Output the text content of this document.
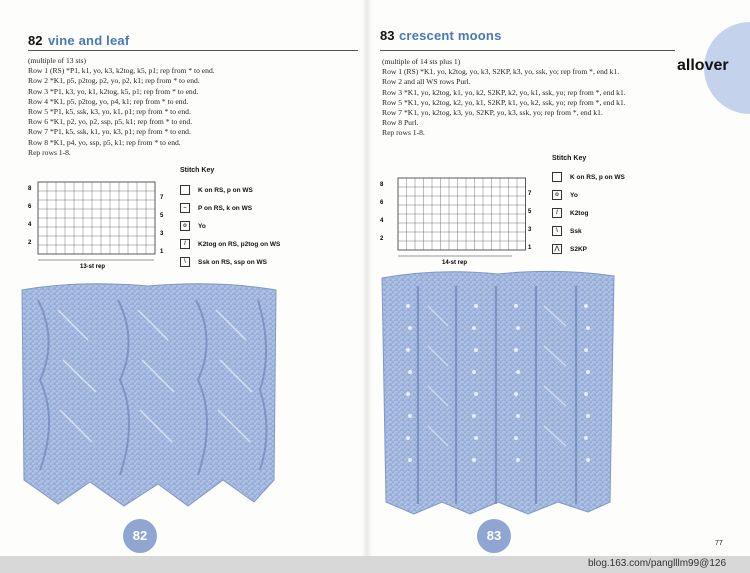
82 vine and leaf
(multiple of 13 sts)
Row 1 (RS) *P1, k1, yo, k3, k2tog, k5, p1; rep from * to end.
Row 2 *K1, p5, p2tog, p2, yo, p2, k1; rep from * to end.
Row 3 *P1, k3, yo, k1, k2tog, k5, p1; rep from * to end.
Row 4 *K1, p5, p2tog, yo, p4, k1; rep from * to end.
Row 5 *P1, k5, ssk, k3, yo, k1, p1; rep from * to end.
Row 6 *K1, p2, yo, p2, ssp, p5, k1; rep from * to end.
Row 7 *P1, k5, ssk, k1, yo, k3, p1; rep from * to end.
Row 8 *K1, p4, yo, ssp, p5, k1; rep from * to end.
Rep rows 1-8.
8
6
4
2
7
5
3
1
13-st rep
Stitch Key
K on RS, p on WS
–	P on RS, k on WS
o	Yo
/	K2tog on RS, p2tog on WS
\	Ssk on RS, ssp on WS
82
allover
83 crescent moons
(multiple of 14 sts plus 1)
Row 1 (RS) *K1, yo, k2tog, yo, k3, S2KP, k3, yo, ssk, yo; rep from *, end k1.
Row 2 and all WS rows Purl.
Row 3 *K1, yo, k2tog, k1, yo, k2, S2KP, k2, yo, k1, ssk, yo; rep from *, end k1.
Row 5 *K1, yo, k2tog, k2, yo, k1, S2KP, k1, yo, k2, ssk, yo; rep from *, end k1.
Row 7 *K1, yo, k2tog, k3, yo, S2KP, yo, k3, ssk, yo; rep from *, end k1.
Row 8 Purl.
Rep rows 1-8.
8
6
4
2
7
5
3
1
14-st rep
Stitch Key
K on RS, p on WS
o	Yo
/	K2tog
\	Ssk
⋀	S2KP
83
77
blog.163.com/panglllm99@126
